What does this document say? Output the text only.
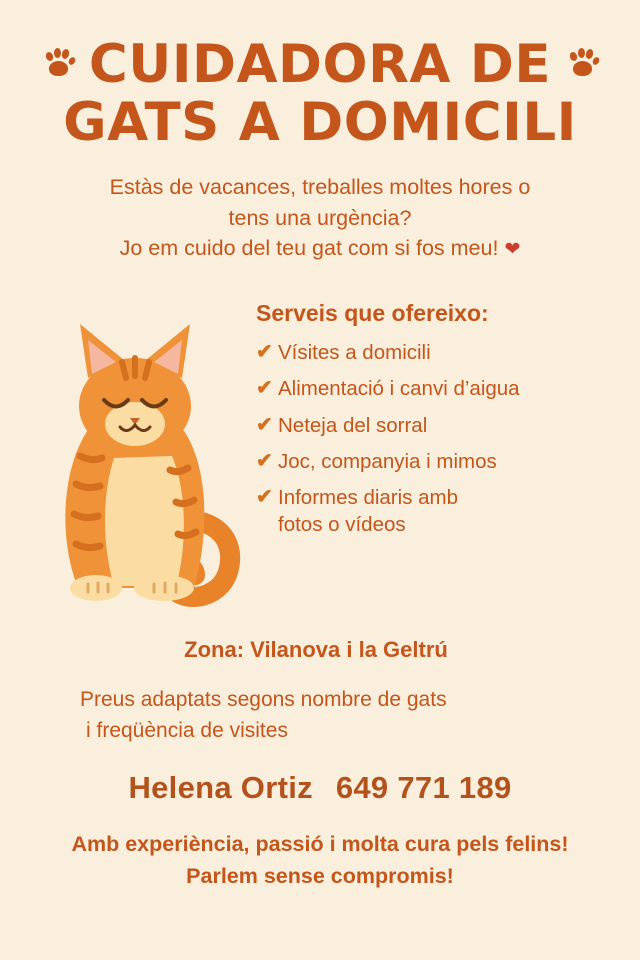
CUIDADORA DE
GATS A DOMICILI
Estàs de vacances, treballes moltes hores o
tens una urgència?
Jo em cuido del teu gat com si fos meu! ❤
Serveis que ofereixo:
✔ Vísites a domicili
✔ Alimentació i canvi d’aigua
✔ Neteja del sorral
✔ Joc, companyia i mimos
✔ Informes diaris amb
fotos o vídeos
Zona: Vilanova i la Geltrú
Preus adaptats segons nombre de gats
i freqüència de visites
Helena Ortiz 649 771 189
Amb experiència, passió i molta cura pels felins!
Parlem sense compromis!
